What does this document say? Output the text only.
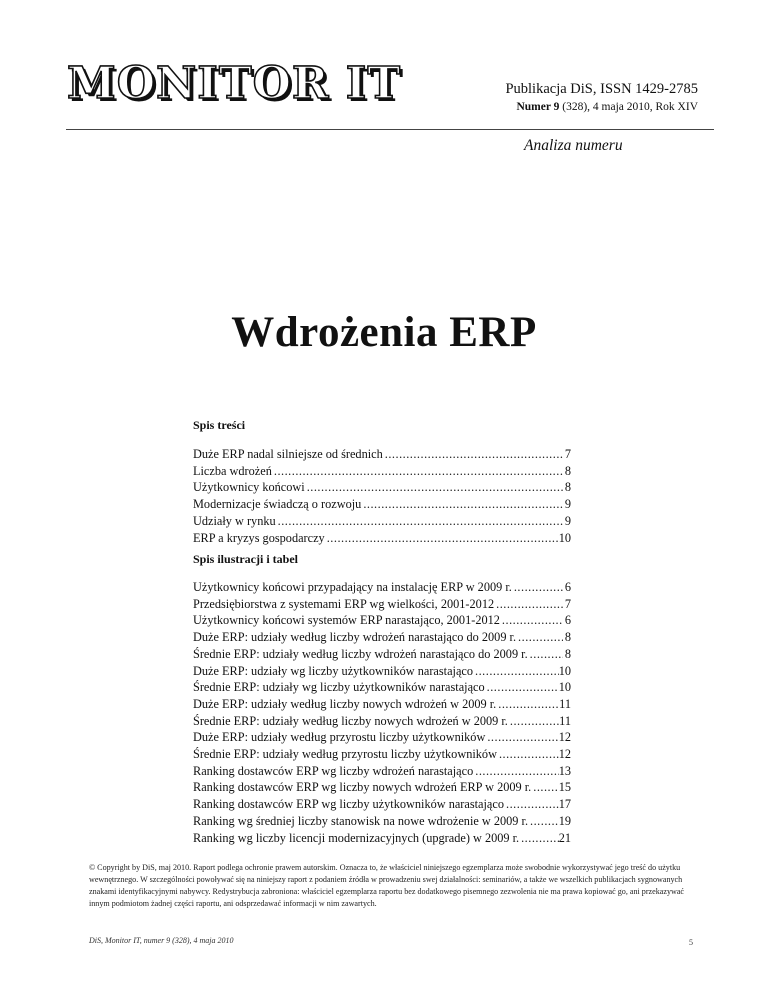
MONITOR IT	Publikacja DiS, ISSN 1429-2785
Numer 9 (328), 4 maja 2010, Rok XIV
Analiza numeru
Wdrożenia ERP
Spis treści
Duże ERP nadal silniejsze od średnich .....	7
Liczba wdrożeń .....	8
Użytkownicy końcowi .....	8
Modernizacje świadczą o rozwoju .....	9
Udziały w rynku .....	9
ERP a kryzys gospodarczy .....	10
Spis ilustracji i tabel
Użytkownicy końcowi przypadający na instalację ERP w 2009 r. .....	6
Przedsiębiorstwa z systemami ERP wg wielkości, 2001-2012 .....	7
Użytkownicy końcowi systemów ERP narastająco, 2001-2012 .....	6
Duże ERP: udziały według liczby wdrożeń narastająco do 2009 r. .....	8
Średnie ERP: udziały według liczby wdrożeń narastająco do 2009 r. .....	8
Duże ERP: udziały wg liczby użytkowników narastająco .....	10
Średnie ERP: udziały wg liczby użytkowników narastająco .....	10
Duże ERP: udziały według liczby nowych wdrożeń w 2009 r. .....	11
Średnie ERP: udziały według liczby nowych wdrożeń w 2009 r. .....	11
Duże ERP: udziały według przyrostu liczby użytkowników .....	12
Średnie ERP: udziały według przyrostu liczby użytkowników .....	12
Ranking dostawców ERP wg liczby wdrożeń narastająco .....	13
Ranking dostawców ERP wg liczby nowych wdrożeń ERP w 2009 r. ..... 15
Ranking dostawców ERP wg liczby użytkowników narastająco .....	17
Ranking wg średniej liczby stanowisk na nowe wdrożenie w 2009 r. ..... 19
Ranking wg liczby licencji modernizacyjnych (upgrade) w 2009 r. .....	21
© Copyright by DiS, maj 2010. Raport podlega ochronie prawem autorskim. Oznacza to, że właściciel niniejszego egzemplarza może swobodnie wykorzystywać jego treść do użytku wewnętrznego. W szczególności powoływać się na niniejszy raport z podaniem źródła w prowadzeniu swej działalności: seminariów, a także we wszelkich publikacjach sygnowanych znakami identyfikacyjnymi nabywcy. Redystrybucja zabroniona: właściciel egzemplarza raportu bez dodatkowego pisemnego zezwolenia nie ma prawa kopiować go, ani przekazywać innym podmiotom żadnej części raportu, ani odsprzedawać informacji w nim zawartych.
DiS, Monitor IT, numer 9 (328), 4 maja 2010	5
